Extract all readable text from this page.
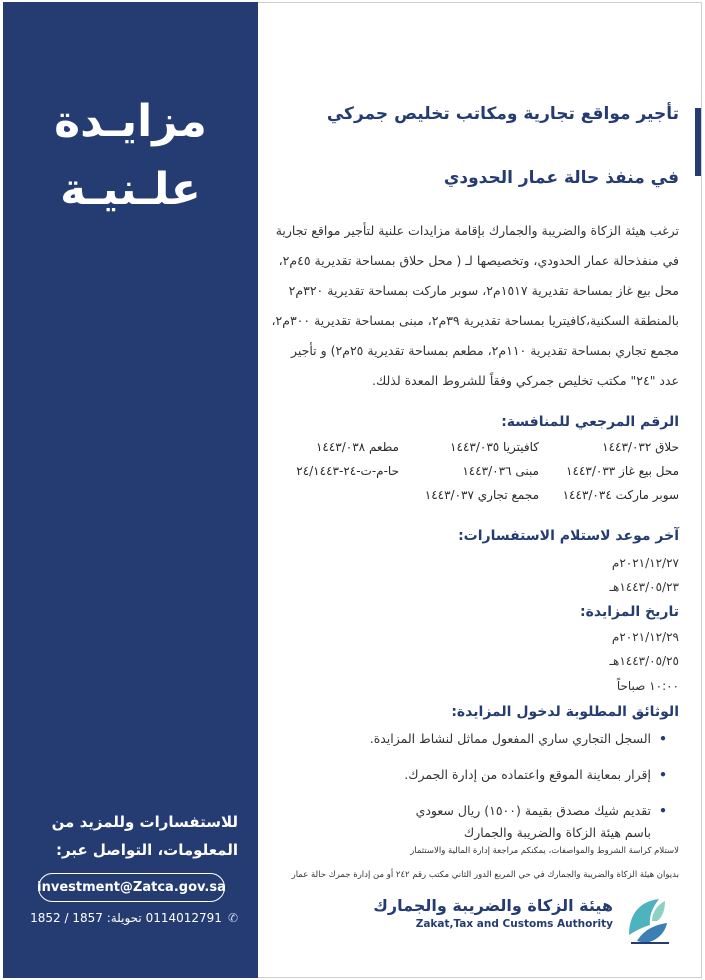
مزايـدة
علـنيـة
للاستفسارات وللمزيد من
المعلومات، التواصل عبر:
investment@Zatca.gov.sa
✆0114012791 تحويلة: 1857 / 1852
تأجير مواقع تجارية ومكاتب تخليص جمركي
في منفذ حالة عمار الحدودي
ترغب هيئة الزكاة والضريبة والجمارك بإقامة مزايدات علنية لتأجير مواقع تجارية
في منفذحالة عمار الحدودي، وتخصيصها لـ ( محل حلاق بمساحة تقديرية ٤٥م٢،
محل بيع غاز بمساحة تقديرية ١٥١٧م٢، سوبر ماركت بمساحة تقديرية ٣٢٠م٢
بالمنطقة السكنية،كافيتريا بمساحة تقديرية ٣٩م٢، مبنى بمساحة تقديرية ٣٠٠م٢،
مجمع تجاري بمساحة تقديرية ١١٠م٢، مطعم بمساحة تقديرية ٢٥م٢) و تأجير
عدد "٢٤" مكتب تخليص جمركي وفقاً للشروط المعدة لذلك.
الرقم المرجعي للمنافسة:
حلاق ١٤٤٣/٠٣٢
كافيتريا ١٤٤٣/٠٣٥
مطعم ١٤٤٣/٠٣٨
محل بيع غاز ١٤٤٣/٠٣٣
مبنى ١٤٤٣/٠٣٦
حا-م-ت-٢٤-٢٤/١٤٤٣
سوبر ماركت ١٤٤٣/٠٣٤
مجمع تجاري ١٤٤٣/٠٣٧
آخر موعد لاستلام الاستفسارات:
٢٠٢١/١٢/٢٧م
١٤٤٣/٠٥/٢٣هـ
تاريخ المزايدة:
٢٠٢١/١٢/٢٩م
١٤٤٣/٠٥/٢٥هـ
١٠:٠٠ صباحاً
الوثائق المطلوبة لدخول المزايدة:
•
السجل التجاري ساري المفعول مماثل لنشاط المزايدة.
•
إقرار بمعاينة الموقع واعتماده من إدارة الجمرك.
•
تقديم شيك مصدق بقيمة (١٥٠٠) ريال سعودي باسم هيئة الزكاة والضريبة والجمارك
لاستلام كراسة الشروط والمواصفات، يمكنكم مراجعة إدارة المالية والاستثمار
بديوان هيئة الزكاة والضريبة والجمارك في حي المربع الدور الثاني مكتب رقم ٢٤٢ أو من إدارة جمرك حالة عمار
هيئة الزكاة والضريبة والجمارك
Zakat,Tax and Customs Authority
